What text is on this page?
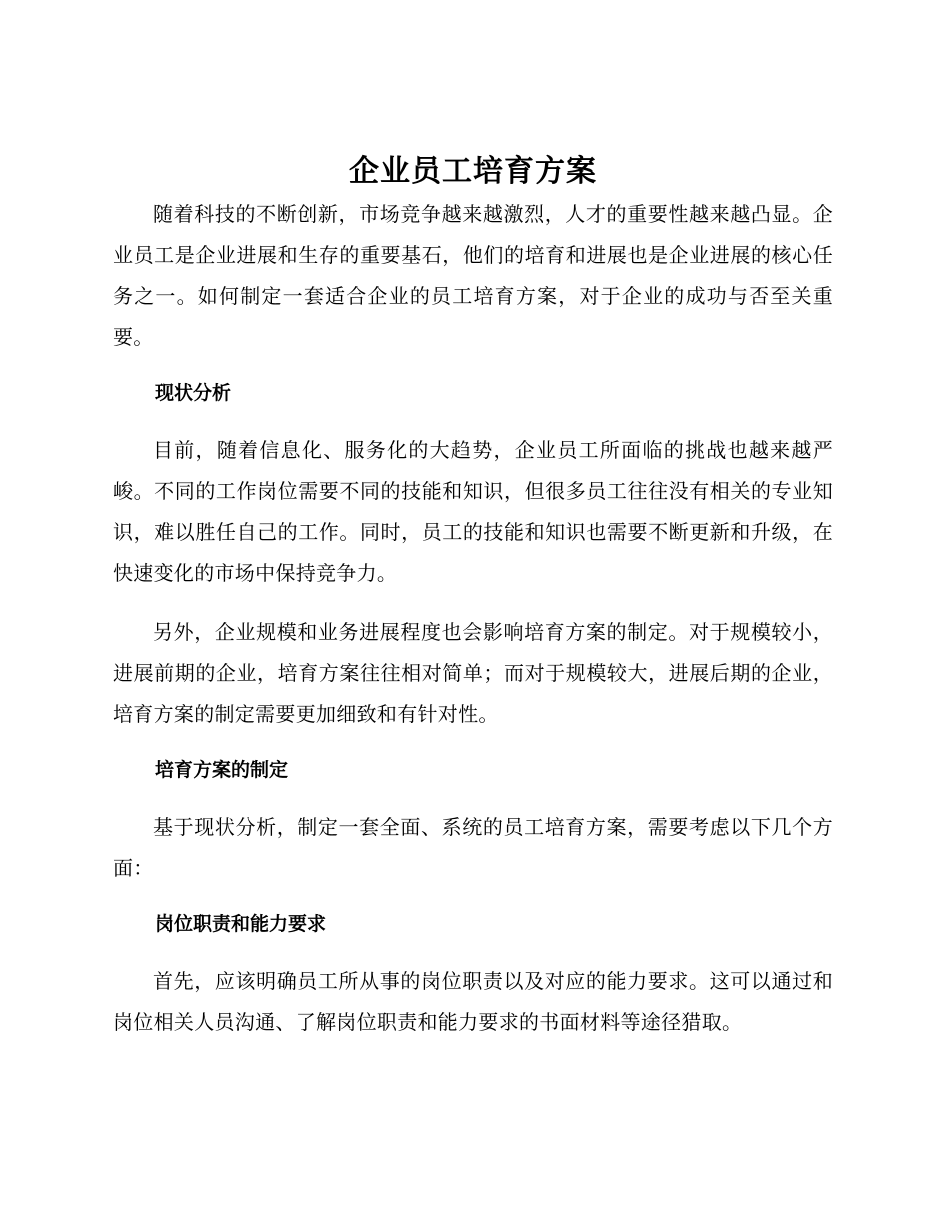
企业员工培育方案

随着科技的不断创新，市场竞争越来越激烈，人才的重要性越来越凸显。企业员工是企业进展和生存的重要基石，他们的培育和进展也是企业进展的核心任务之一。如何制定一套适合企业的员工培育方案，对于企业的成功与否至关重要。

现状分析

目前，随着信息化、服务化的大趋势，企业员工所面临的挑战也越来越严峻。不同的工作岗位需要不同的技能和知识，但很多员工往往没有相关的专业知识，难以胜任自己的工作。同时，员工的技能和知识也需要不断更新和升级，在快速变化的市场中保持竞争力。

另外，企业规模和业务进展程度也会影响培育方案的制定。对于规模较小，进展前期的企业，培育方案往往相对简单；而对于规模较大，进展后期的企业，培育方案的制定需要更加细致和有针对性。

培育方案的制定

基于现状分析，制定一套全面、系统的员工培育方案，需要考虑以下几个方面：

岗位职责和能力要求

首先，应该明确员工所从事的岗位职责以及对应的能力要求。这可以通过和岗位相关人员沟通、了解岗位职责和能力要求的书面材料等途径猎取。
